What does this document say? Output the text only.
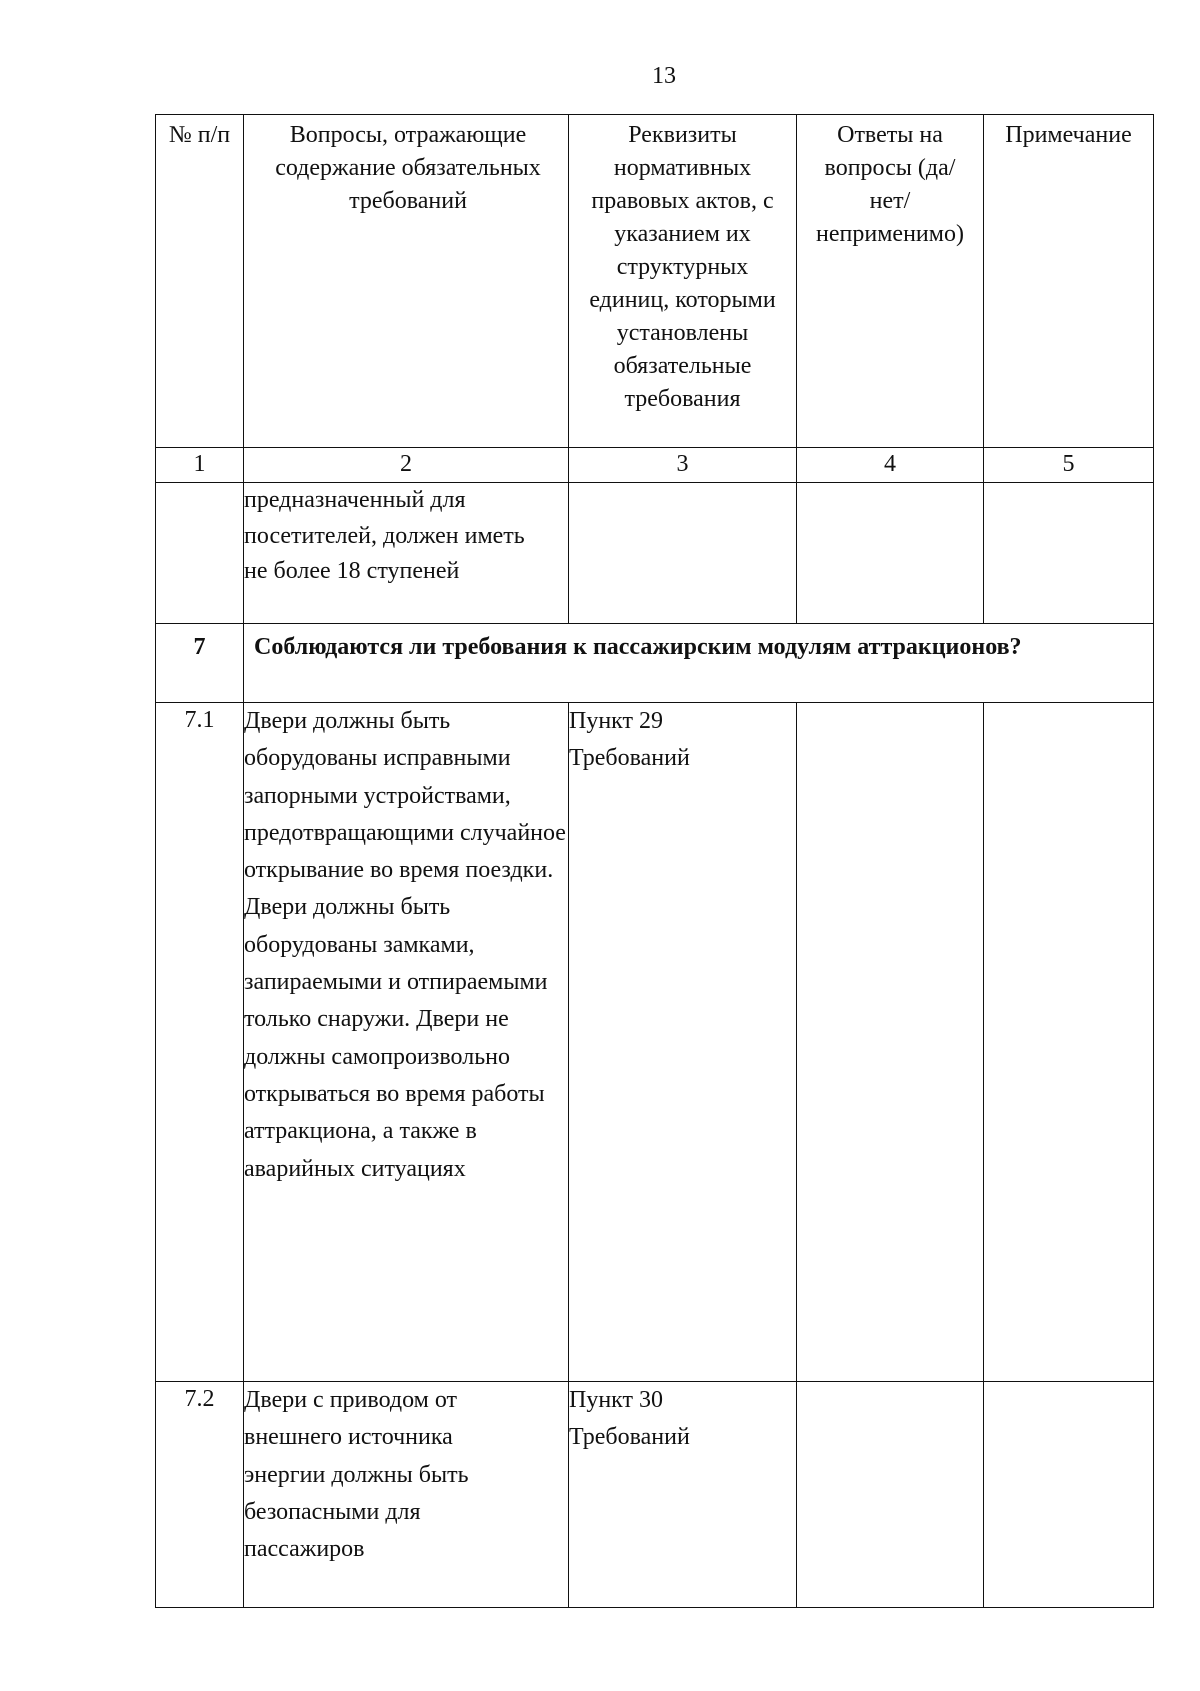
13
№ п/п	Вопросы, отражающие содержание обязательных требований	Реквизиты нормативных правовых актов, с указанием их структурных единиц, которыми установлены обязательные требования	Ответы на вопросы (да/нет/ неприменимо)	Примечание
1	2	3	4	5
	предназначенный для посетителей, должен иметь не более 18 ступеней			
7	Соблюдаются ли требования к пассажирским модулям аттракционов?			

7.1	Двери должны быть оборудованы исправными запорными устройствами, предотвращающими случайное открывание во время поездки. Двери должны быть оборудованы замками, запираемыми и отпираемыми только снаружи. Двери не должны самопроизвольно открываться во время работы аттракциона, а также в аварийных ситуациях	Пункт 29 Требований		
7.2	Двери с приводом от внешнего источника энергии должны быть безопасными для пассажиров	Пункт 30 Требований		
